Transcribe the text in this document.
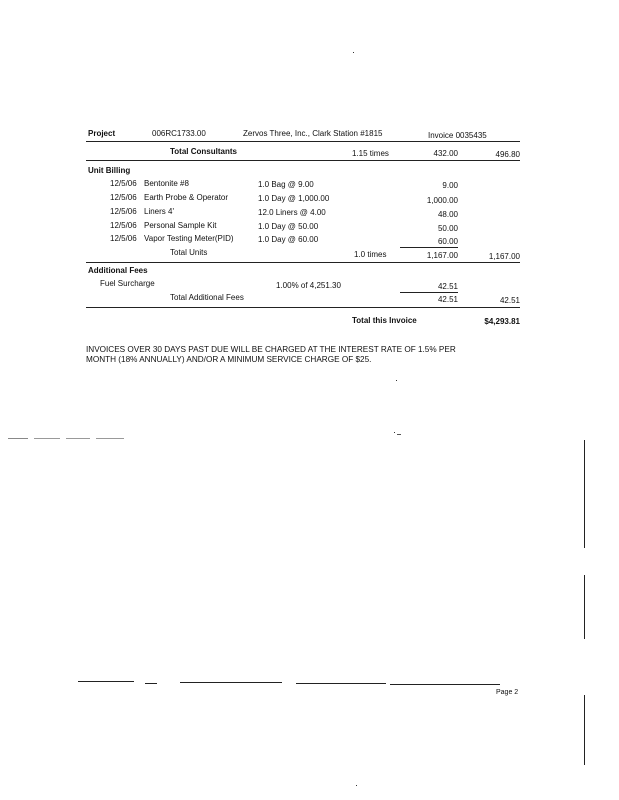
Project	006RC1733.00	Zervos Three, Inc., Clark Station #1815	Invoice 0035435
Total Consultants	1.15 times	432.00	496.80
Unit Billing
12/5/06 Bentonite #8	1.0 Bag @ 9.00	9.00
12/5/06 Earth Probe & Operator	1.0 Day @ 1,000.00	1,000.00
12/5/06 Liners 4'	12.0 Liners @ 4.00	48.00
12/5/06 Personal Sample Kit	1.0 Day @ 50.00	50.00
12/5/06 Vapor Testing Meter(PID)	1.0 Day @ 60.00	60.00
Total Units	1.0 times	1,167.00	1,167.00
Additional Fees
Fuel Surcharge	1.00% of 4,251.30	42.51
Total Additional Fees	42.51	42.51
Total this Invoice	$4,293.81
INVOICES OVER 30 DAYS PAST DUE WILL BE CHARGED AT THE INTEREST RATE OF 1.5% PER
MONTH (18% ANNUALLY) AND/OR A MINIMUM SERVICE CHARGE OF $25.
Page 2
